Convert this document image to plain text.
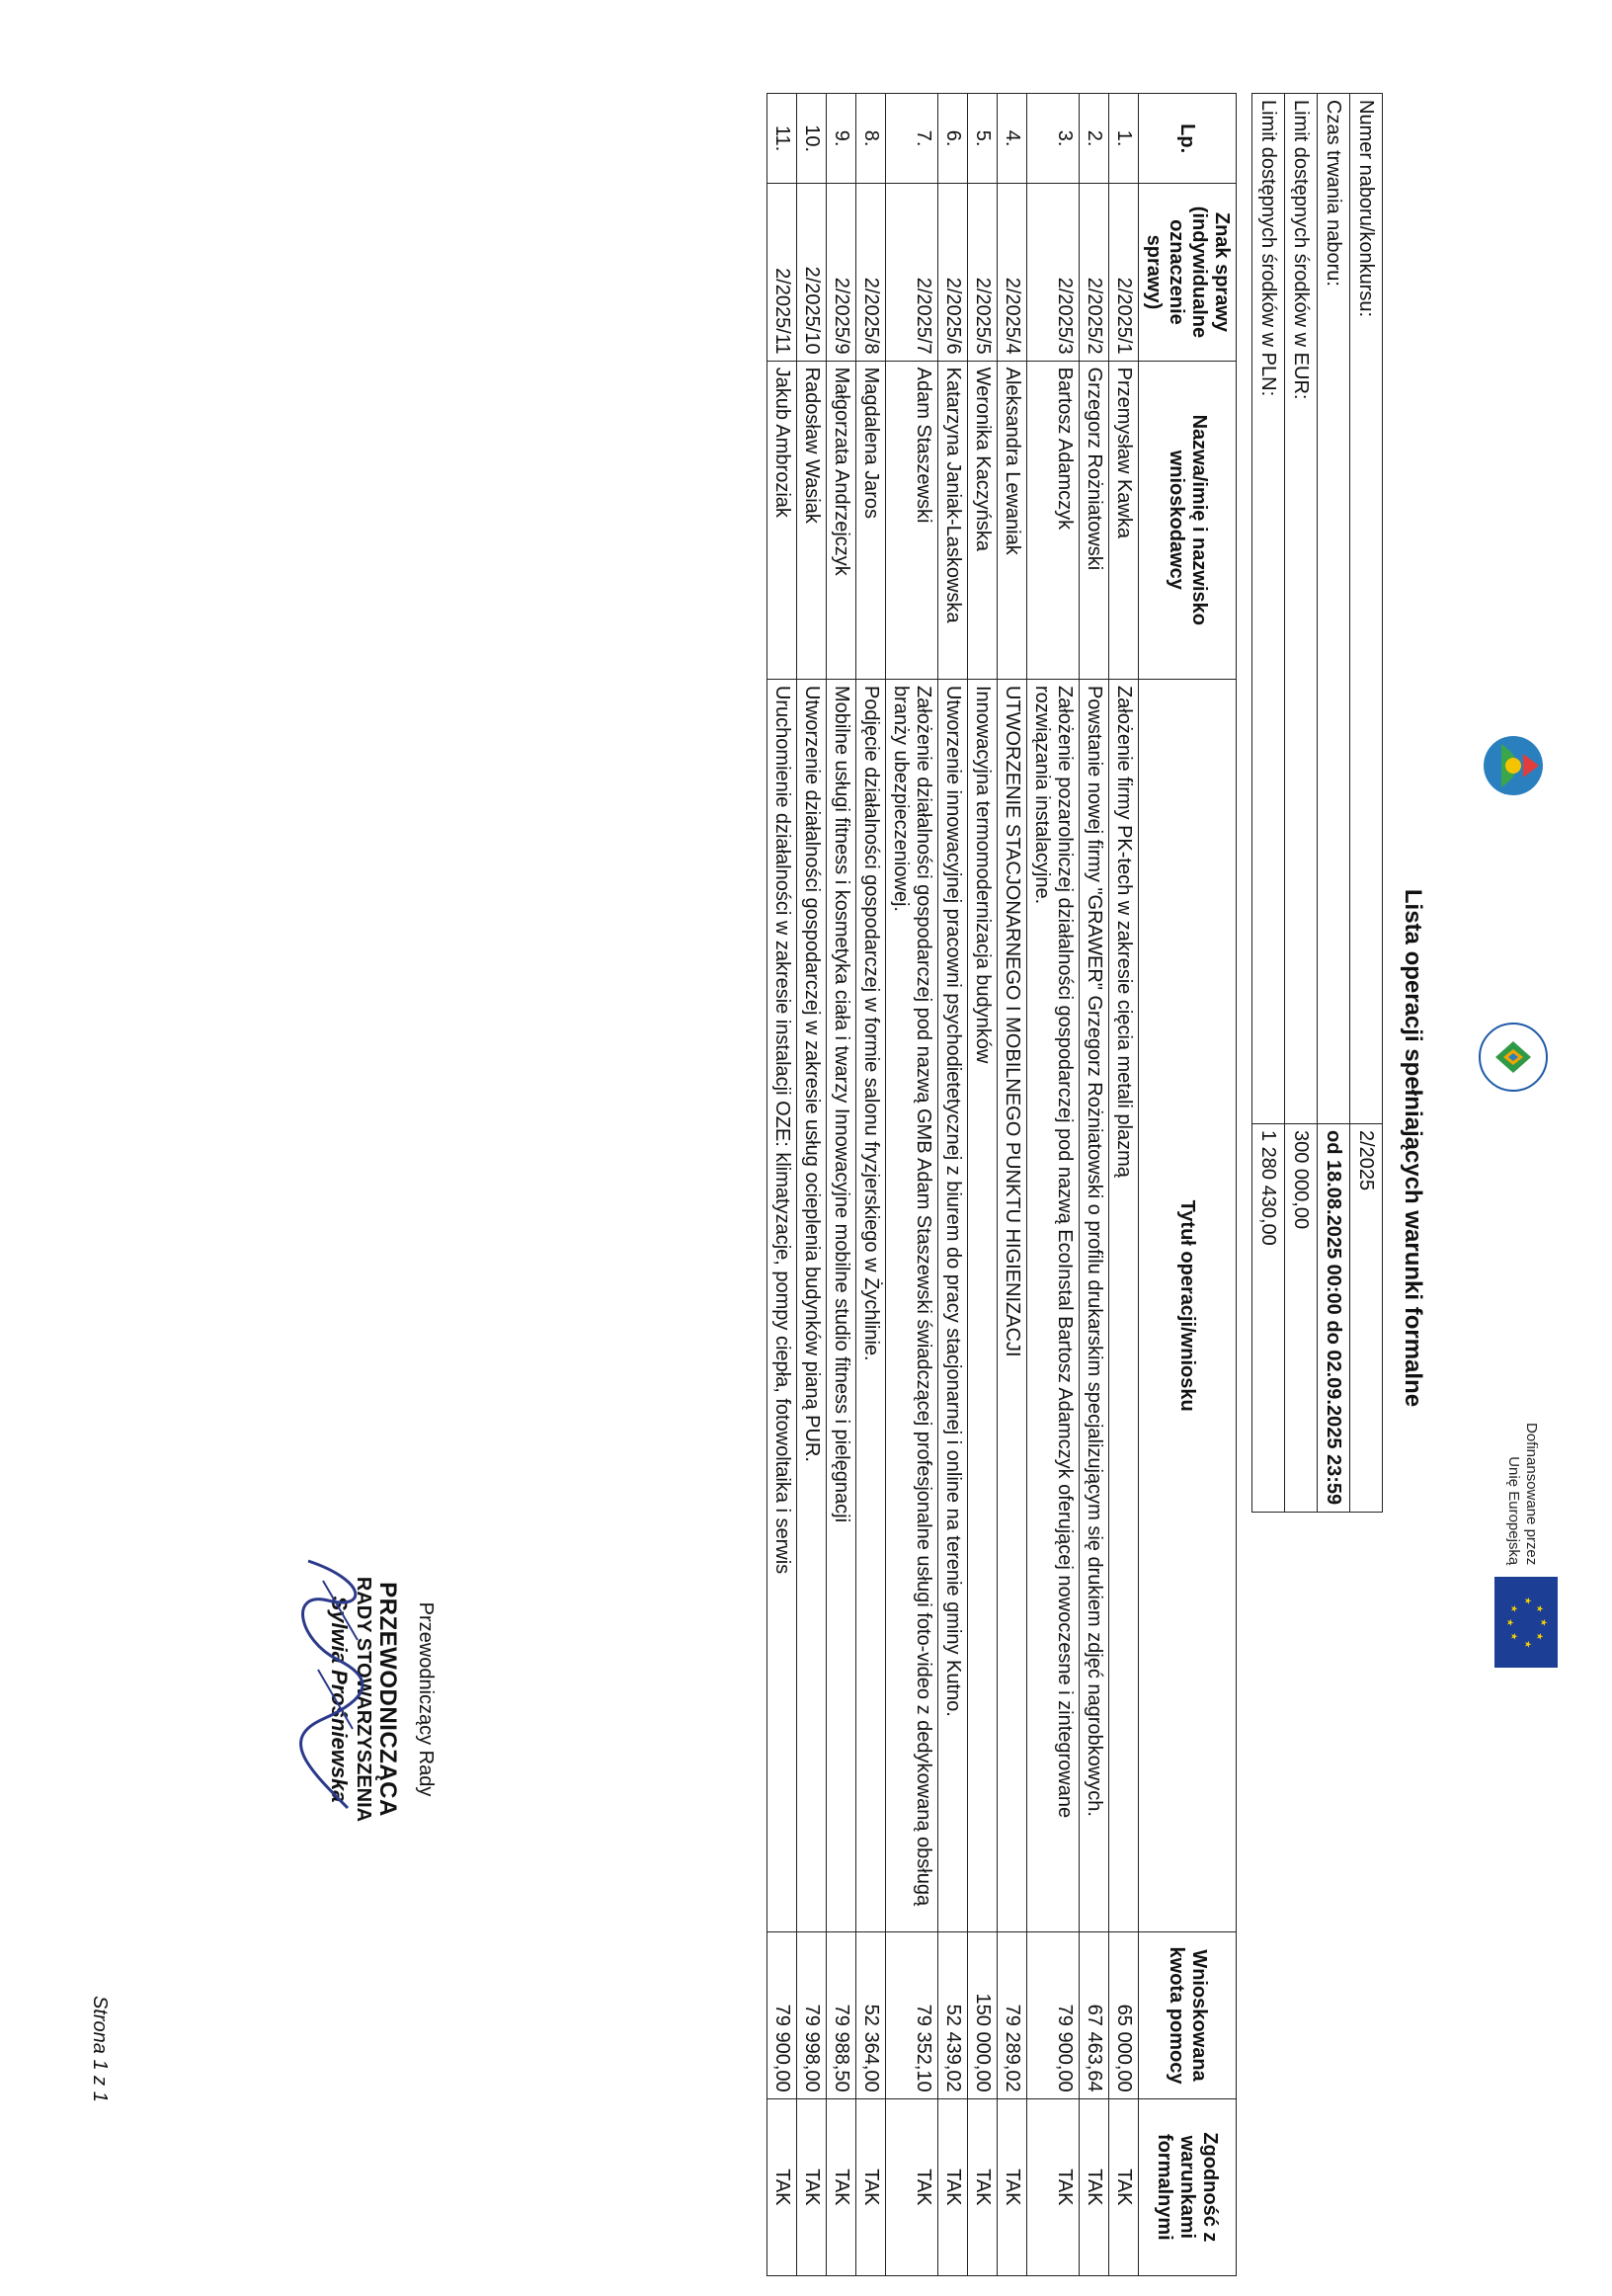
Dofinansowane przez
Unię Europejską
★
★
★
★
★
★
★
★
Lista operacji spełniających warunki formalne
Numer naboru/konkursu:	2/2025
Czas trwania naboru:	od 18.08.2025 00:00 do 02.09.2025 23:59
Limit dostępnych środków w EUR:	300 000,00
Limit dostępnych środków w PLN:	1 280 430,00
Lp.	Znak sprawy (indywidualne oznaczenie sprawy)	Nazwa/imię i nazwisko wnioskodawcy	Tytuł operacji/wniosku	Wnioskowana kwota pomocy	Zgodność z warunkami formalnymi
1.	2/2025/1	Przemysław Kawka	Założenie firmy PK-tech w zakresie cięcia metali plazmą	65 000,00	TAK
2.	2/2025/2	Grzegorz Rożniatowski	Powstanie nowej firmy "GRAWER" Grzegorz Rożniatowski o profilu drukarskim specjalizującym się drukiem zdjęć nagrobkowych.	67 463,64	TAK
3.	2/2025/3	Bartosz Adamczyk	Założenie pozarolniczej działalności gospodarczej pod nazwą EcoInstal Bartosz Adamczyk oferującej nowoczesne i zintegrowane rozwiązania instalacyjne.	79 900,00	TAK
4.	2/2025/4	Aleksandra Lewaniak	UTWORZENIE STACJONARNEGO I MOBILNEGO PUNKTU HIGIENIZACJI	79 289,02	TAK
5.	2/2025/5	Weronika Kaczyńska	Innowacyjna termomodernizacja budynków	150 000,00	TAK
6.	2/2025/6	Katarzyna Janiak-Laskowska	Utworzenie innowacyjnej pracowni psychodietetycznej z biurem do pracy stacjonarnej i online na terenie gminy Kutno.	52 439,02	TAK
7.	2/2025/7	Adam Staszewski	Założenie działalności gospodarczej pod nazwą GMB Adam Staszewski świadczącej profesjonalne usługi foto-video z dedykowaną obsługą branży ubezpieczeniowej.	79 352,10	TAK
8.	2/2025/8	Magdalena Jaros	Podjęcie działalności gospodarczej w formie salonu fryzjerskiego w Żychlinie.	52 364,00	TAK
9.	2/2025/9	Małgorzata Andrzejczyk	Mobilne usługi fitness i kosmetyka ciała i twarzy Innowacyjne mobilne studio fitness i pielęgnacji	79 988,50	TAK
10.	2/2025/10	Radosław Wasiak	Utworzenie działalności gospodarczej w zakresie usług ocieplenia budynków pianą PUR.	79 998,00	TAK
11.	2/2025/11	Jakub Ambroziak	Uruchomienie działalności w zakresie instalacji OZE: klimatyzacje, pompy ciepła, fotowoltaika i serwis	79 900,00	TAK
Przewodniczący Rady
PRZEWODNICZĄCA
RADY STOWARZYSZENIA
Sylwia Prośniewska
Strona 1 z 1
